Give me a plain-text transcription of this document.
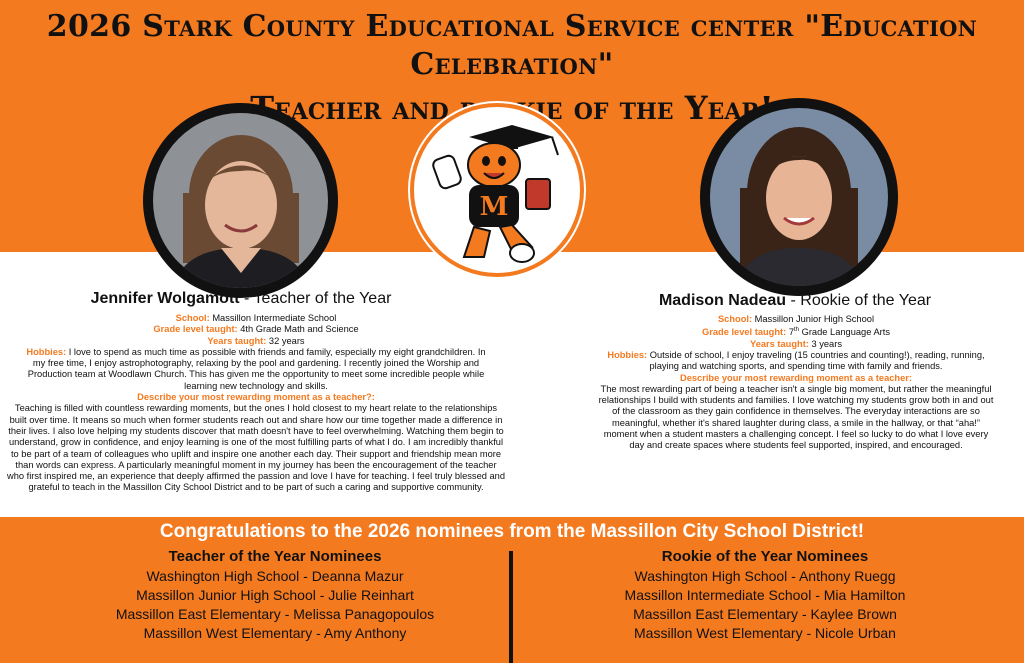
2026 Stark County Educational Service center "Education Celebration"
Teacher and of the Year!
M
Jennifer Wolgamott - Teacher of the Year
School: Massillon Intermediate School
Grade level taught: 4th Grade Math and Science
Years taught: 32 years
Hobbies: I love to spend as much time as possible with friends and family, especially my eight grandchildren. In my free time, I enjoy astrophotography, relaxing by the pool and gardening. I recently joined the Worship and Production team at Woodlawn Church. This has given me the opportunity to meet some incredible people while learning new technology and skills.
Describe your most rewarding moment as a teacher?:
Teaching is filled with countless rewarding moments, but the ones I hold closest to my heart relate to the relationships built over time. It means so much when former students reach out and share how our time together made a difference in their lives. I also love helping my students discover that math doesn't have to feel overwhelming. Watching them begin to understand, grow in confidence, and enjoy learning is one of the most fulfilling parts of what I do. I am incredibly thankful to be part of a team of colleagues who uplift and inspire one another each day. Their support and friendship mean more than words can express. A particularly meaningful moment in my journey has been the encouragement of the teacher who first inspired me, an experience that deeply affirmed the passion and love I have for teaching. I feel truly blessed and grateful to teach in the Massillon City School District and to be part of such a caring and supportive community.
Madison Nadeau - Rookie of the Year
School: Massillon Junior High School
Grade level taught: 7th Grade Language Arts
Years taught: 3 years
Hobbies: Outside of school, I enjoy traveling (15 countries and counting!), reading, running, playing and watching sports, and spending time with family and friends.
Describe your most rewarding moment as a teacher:
The most rewarding part of being a teacher isn't a single big moment, but rather the meaningful relationships I build with students and families. I love watching my students grow both in and out of the classroom as they gain confidence in themselves. The everyday interactions are so meaningful, whether it's shared laughter during class, a smile in the hallway, or that “aha!” moment when a student masters a challenging concept. I feel so lucky to do what I love every day and create spaces where students feel supported, inspired, and encouraged.
Congratulations to the 2026 nominees from the Massillon City School District!
Teacher of the Year Nominees
Washington High School - Deanna Mazur
Massillon Junior High School - Julie Reinhart
Massillon East Elementary - Melissa Panagopoulos
Massillon West Elementary - Amy Anthony
Rookie of the Year Nominees
Washington High School - Anthony Ruegg
Massillon Intermediate School - Mia Hamilton
Massillon East Elementary - Kaylee Brown
Massillon West Elementary - Nicole Urban
